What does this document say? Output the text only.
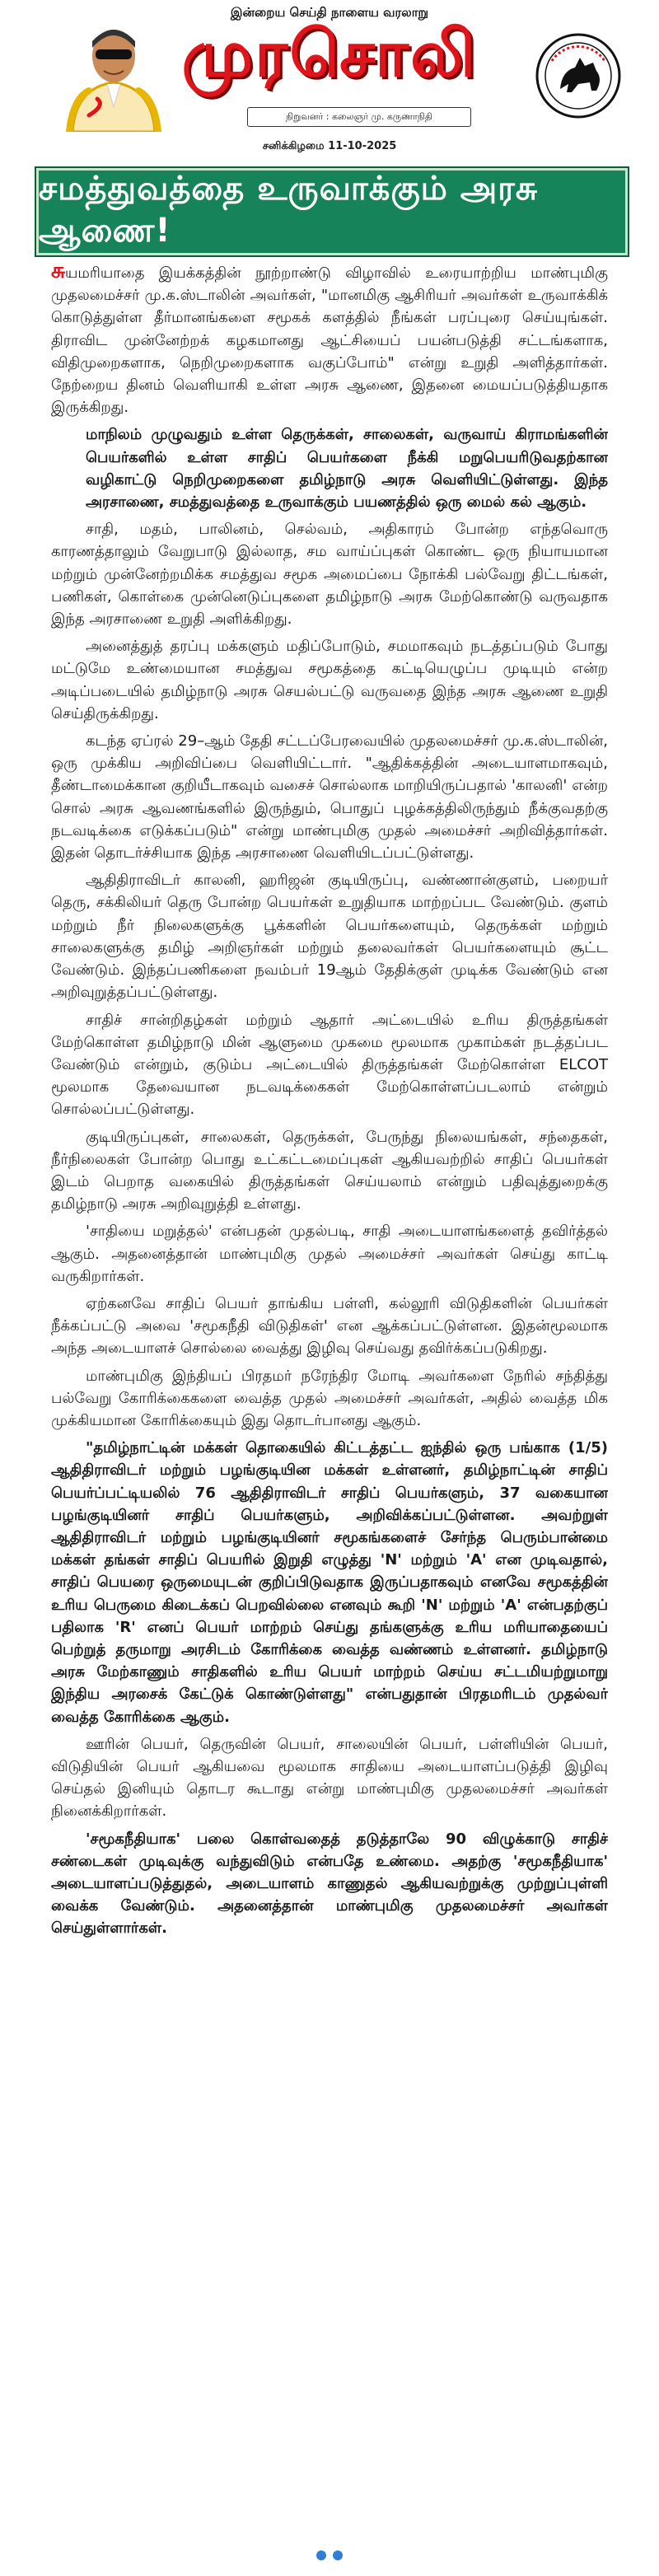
இன்றைய செய்தி நாளைய வரலாறு
முரசொலி
நிறுவனர் : கலைஞர் மு. கருணாநிதி
சனிக்கிழமை 11-10-2025
சமத்துவத்தை உருவாக்கும் அரசு ஆணை!

சுயமரியாதை இயக்கத்தின் நூற்றாண்டு விழாவில் உரையாற்றிய மாண்புமிகு முதலமைச்சர் மு.க.ஸ்டாலின் அவர்கள், "மானமிகு ஆசிரியர் அவர்கள் உருவாக்கிக் கொடுத்துள்ள தீர்மானங்களை சமூகக் களத்தில் நீங்கள் பரப்புரை செய்யுங்கள். திராவிட முன்னேற்றக் கழகமானது ஆட்சியைப் பயன்படுத்தி சட்டங்களாக, விதிமுறைகளாக, நெறிமுறைகளாக வகுப்போம்" என்று உறுதி அளித்தார்கள். நேற்றைய தினம் வெளியாகி உள்ள அரசு ஆணை, இதனை மையப்படுத்தியதாக இருக்கிறது.

மாநிலம் முழுவதும் உள்ள தெருக்கள், சாலைகள், வருவாய் கிராமங்களின் பெயர்களில் உள்ள சாதிப் பெயர்களை நீக்கி மறுபெயரிடுவதற்கான வழிகாட்டு நெறிமுறைகளை தமிழ்நாடு அரசு வெளியிட்டுள்ளது. இந்த அரசாணை, சமத்துவத்தை உருவாக்கும் பயணத்தில் ஒரு மைல் கல் ஆகும்.

சாதி, மதம், பாலினம், செல்வம், அதிகாரம் போன்ற எந்தவொரு காரணத்தாலும் வேறுபாடு இல்லாத, சம வாய்ப்புகள் கொண்ட ஒரு நியாயமான மற்றும் முன்னேற்றமிக்க சமத்துவ சமூக அமைப்பை நோக்கி பல்வேறு திட்டங்கள், பணிகள், கொள்கை முன்னெடுப்புகளை தமிழ்நாடு அரசு மேற்கொண்டு வருவதாக இந்த அரசாணை உறுதி அளிக்கிறது.

அனைத்துத் தரப்பு மக்களும் மதிப்போடும், சமமாகவும் நடத்தப்படும் போது மட்டுமே உண்மையான சமத்துவ சமூகத்தை கட்டியெழுப்ப முடியும் என்ற அடிப்படையில் தமிழ்நாடு அரசு செயல்பட்டு வருவதை இந்த அரசு ஆணை உறுதி செய்திருக்கிறது.

கடந்த ஏப்ரல் 29–ஆம் தேதி சட்டப்பேரவையில் முதலமைச்சர் மு.க.ஸ்டாலின், ஒரு முக்கிய அறிவிப்பை வெளியிட்டார். "ஆதிக்கத்தின் அடையாளமாகவும், தீண்டாமைக்கான குறியீடாகவும் வசைச் சொல்லாக மாறியிருப்பதால் 'காலனி' என்ற சொல் அரசு ஆவணங்களில் இருந்தும், பொதுப் புழக்கத்திலிருந்தும் நீக்குவதற்கு நடவடிக்கை எடுக்கப்படும்" என்று மாண்புமிகு முதல் அமைச்சர் அறிவித்தார்கள். இதன் தொடர்ச்சியாக இந்த அரசாணை வெளியிடப்பட்டுள்ளது.

ஆதிதிராவிடர் காலனி, ஹரிஜன் குடியிருப்பு, வண்ணான்குளம், பறையர் தெரு, சக்கிலியர் தெரு போன்ற பெயர்கள் உறுதியாக மாற்றப்பட வேண்டும். குளம் மற்றும் நீர் நிலைகளுக்கு பூக்களின் பெயர்களையும், தெருக்கள் மற்றும் சாலைகளுக்கு தமிழ் அறிஞர்கள் மற்றும் தலைவர்கள் பெயர்களையும் சூட்ட வேண்டும். இந்தப்பணிகளை நவம்பர் 19ஆம் தேதிக்குள் முடிக்க வேண்டும் என அறிவுறுத்தப்பட்டுள்ளது.

சாதிச் சான்றிதழ்கள் மற்றும் ஆதார் அட்டையில் உரிய திருத்தங்கள் மேற்கொள்ள தமிழ்நாடு மின் ஆளுமை முகமை மூலமாக முகாம்கள் நடத்தப்பட வேண்டும் என்றும், குடும்ப அட்டையில் திருத்தங்கள் மேற்கொள்ள ELCOT மூலமாக தேவையான நடவடிக்கைகள் மேற்கொள்ளப்படலாம் என்றும் சொல்லப்பட்டுள்ளது.

குடியிருப்புகள், சாலைகள், தெருக்கள், பேருந்து நிலையங்கள், சந்தைகள், நீர்நிலைகள் போன்ற பொது உட்கட்டமைப்புகள் ஆகியவற்றில் சாதிப் பெயர்கள் இடம் பெறாத வகையில் திருத்தங்கள் செய்யலாம் என்றும் பதிவுத்துறைக்கு தமிழ்நாடு அரசு அறிவுறுத்தி உள்ளது.

'சாதியை மறுத்தல்' என்பதன் முதல்படி, சாதி அடையாளங்களைத் தவிர்த்தல் ஆகும். அதனைத்தான் மாண்புமிகு முதல் அமைச்சர் அவர்கள் செய்து காட்டி வருகிறார்கள்.

ஏற்கனவே சாதிப் பெயர் தாங்கிய பள்ளி, கல்லூரி விடுதிகளின் பெயர்கள் நீக்கப்பட்டு அவை 'சமூகநீதி விடுதிகள்' என ஆக்கப்பட்டுள்ளன. இதன்மூலமாக அந்த அடையாளச் சொல்லை வைத்து இழிவு செய்வது தவிர்க்கப்படுகிறது.

மாண்புமிகு இந்தியப் பிரதமர் நரேந்திர மோடி அவர்களை நேரில் சந்தித்து பல்வேறு கோரிக்கைகளை வைத்த முதல் அமைச்சர் அவர்கள், அதில் வைத்த மிக முக்கியமான கோரிக்கையும் இது தொடர்பானது ஆகும்.

"தமிழ்நாட்டின் மக்கள் தொகையில் கிட்டத்தட்ட ஐந்தில் ஒரு பங்காக (1/5) ஆதிதிராவிடர் மற்றும் பழங்குடியின மக்கள் உள்ளனர், தமிழ்நாட்டின் சாதிப் பெயர்ப்பட்டியலில் 76 ஆதிதிராவிடர் சாதிப் பெயர்களும், 37 வகையான பழங்குடியினர் சாதிப் பெயர்களும், அறிவிக்கப்பட்டுள்ளன. அவற்றுள் ஆதிதிராவிடர் மற்றும் பழங்குடியினர் சமூகங்களைச் சேர்ந்த பெரும்பான்மை மக்கள் தங்கள் சாதிப் பெயரில் இறுதி எழுத்து 'N' மற்றும் 'A' என முடிவதால், சாதிப் பெயரை ஒருமையுடன் குறிப்பிடுவதாக இருப்பதாகவும் எனவே சமூகத்தின் உரிய பெருமை கிடைக்கப் பெறவில்லை எனவும் கூறி 'N' மற்றும் 'A' என்பதற்குப் பதிலாக 'R' எனப் பெயர் மாற்றம் செய்து தங்களுக்கு உரிய மரியாதையைப் பெற்றுத் தருமாறு அரசிடம் கோரிக்கை வைத்த வண்ணம் உள்ளனர். தமிழ்நாடு அரசு மேற்காணும் சாதிகளில் உரிய பெயர் மாற்றம் செய்ய சட்டமியற்றுமாறு இந்திய அரசைக் கேட்டுக் கொண்டுள்ளது" என்பதுதான் பிரதமரிடம் முதல்வர் வைத்த கோரிக்கை ஆகும்.

ஊரின் பெயர், தெருவின் பெயர், சாலையின் பெயர், பள்ளியின் பெயர், விடுதியின் பெயர் ஆகியவை மூலமாக சாதியை அடையாளப்படுத்தி இழிவு செய்தல் இனியும் தொடர கூடாது என்று மாண்புமிகு முதலமைச்சர் அவர்கள் நினைக்கிறார்கள்.

'சமூகநீதியாக' பலை கொள்வதைத் தடுத்தாலே 90 விழுக்காடு சாதிச் சண்டைகள் முடிவுக்கு வந்துவிடும் என்பதே உண்மை. அதற்கு 'சமூகநீதியாக' அடையாளப்படுத்துதல், அடையாளம் காணுதல் ஆகியவற்றுக்கு முற்றுப்புள்ளி வைக்க வேண்டும். அதனைத்தான் மாண்புமிகு முதலமைச்சர் அவர்கள் செய்துள்ளார்கள்.
